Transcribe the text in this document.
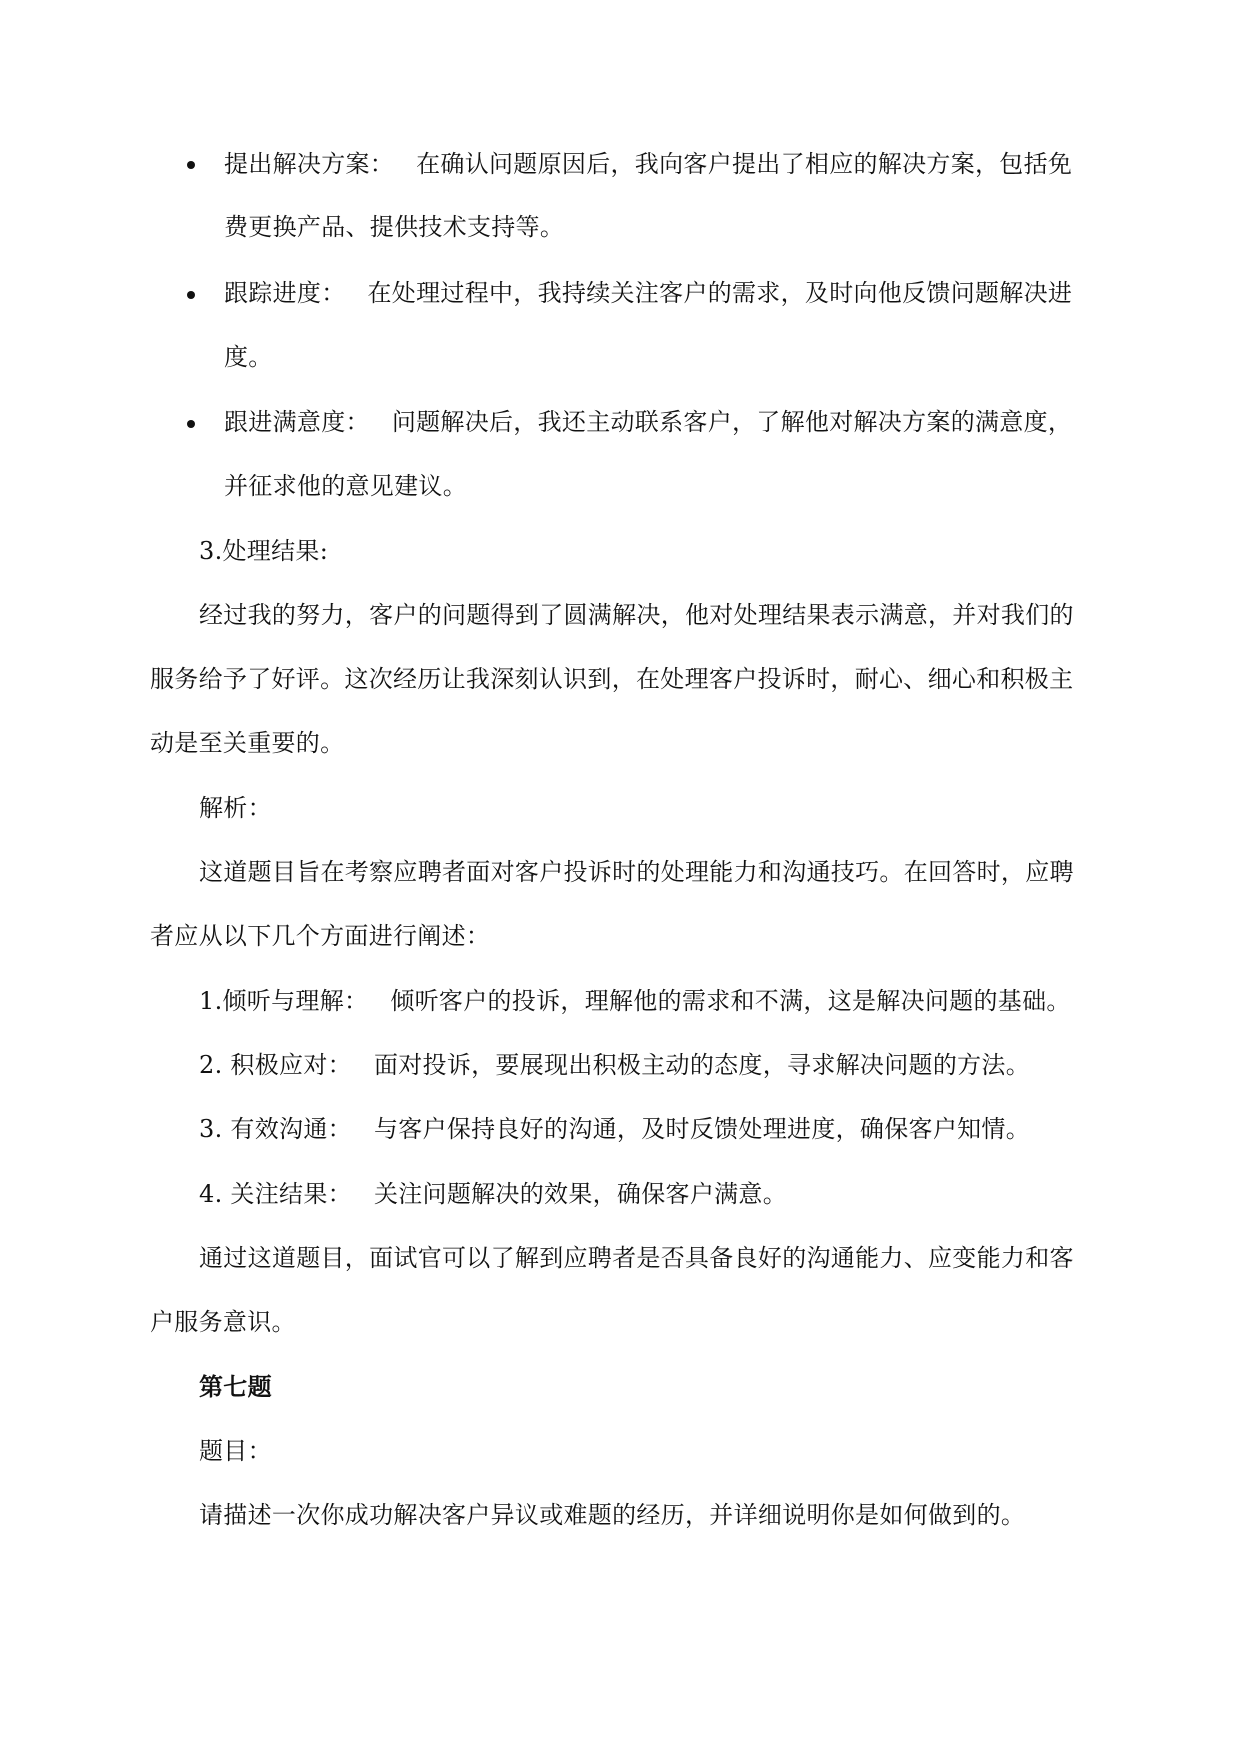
提出解决方案： 在确认问题原因后，我向客户提出了相应的解决方案，包括免
费更换产品、提供技术支持等。
跟踪进度： 在处理过程中，我持续关注客户的需求，及时向他反馈问题解决进
度。
跟进满意度： 问题解决后，我还主动联系客户，了解他对解决方案的满意度，
并征求他的意见建议。
3.处理结果:
经过我的努力，客户的问题得到了圆满解决，他对处理结果表示满意，并对我们的
服务给予了好评。这次经历让我深刻认识到，在处理客户投诉时，耐心、细心和积极主
动是至关重要的。
解析：
这道题目旨在考察应聘者面对客户投诉时的处理能力和沟通技巧。在回答时，应聘
者应从以下几个方面进行阐述：
1.倾听与理解： 倾听客户的投诉，理解他的需求和不满，这是解决问题的基础。
2. 积极应对： 面对投诉，要展现出积极主动的态度，寻求解决问题的方法。
3. 有效沟通： 与客户保持良好的沟通，及时反馈处理进度，确保客户知情。
4. 关注结果： 关注问题解决的效果，确保客户满意。
通过这道题目，面试官可以了解到应聘者是否具备良好的沟通能力、应变能力和客
户服务意识。
第七题
题目：
请描述一次你成功解决客户异议或难题的经历，并详细说明你是如何做到的。
